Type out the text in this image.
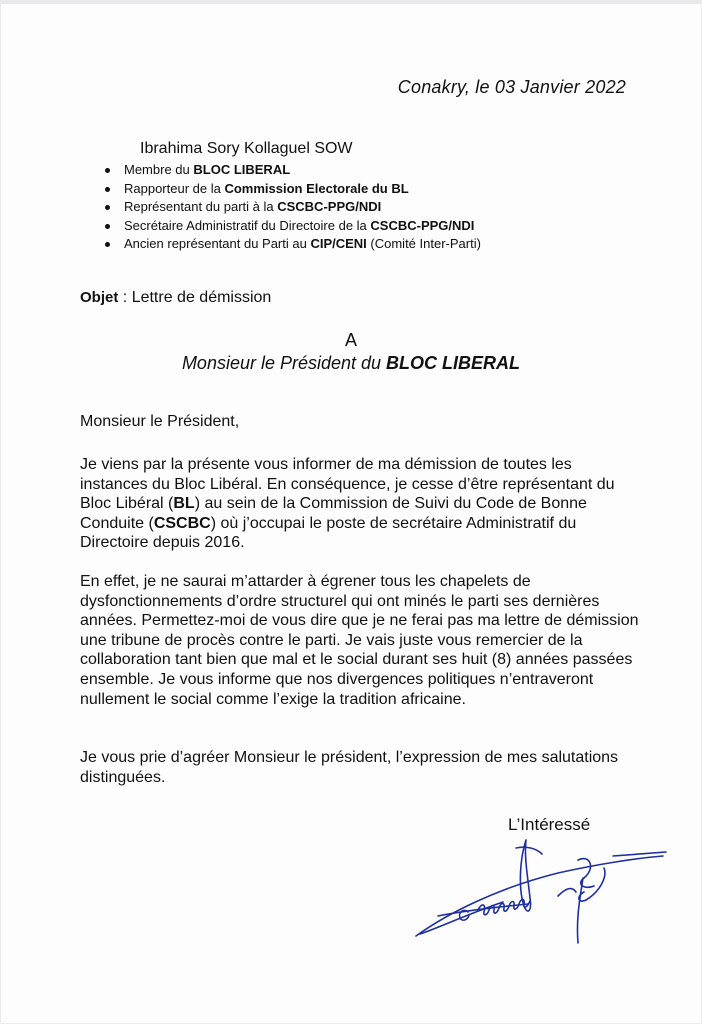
Conakry, le 03 Janvier 2022
Ibrahima Sory Kollaguel SOW
Membre du BLOC LIBERAL
Rapporteur de la Commission Electorale du BL
Représentant du parti à la CSCBC-PPG/NDI
Secrétaire Administratif du Directoire de la CSCBC-PPG/NDI
Ancien représentant du Parti au CIP/CENI (Comité Inter-Parti)
Objet : Lettre de démission
A
Monsieur le Président du BLOC LIBERAL
Monsieur le Président,

Je viens par la présente vous informer de ma démission de toutes les instances du Bloc Libéral. En conséquence, je cesse d’être représentant du Bloc Libéral (BL) au sein de la Commission de Suivi du Code de Bonne Conduite (CSCBC) où j’occupai le poste de secrétaire Administratif du Directoire depuis 2016.

En effet, je ne saurai m’attarder à égrener tous les chapelets de dysfonctionnements d’ordre structurel qui ont minés le parti ses dernières années. Permettez-moi de vous dire que je ne ferai pas ma lettre de démission une tribune de procès contre le parti. Je vais juste vous remercier de la collaboration tant bien que mal et le social durant ses huit (8) années passées ensemble. Je vous informe que nos divergences politiques n’entraveront nullement le social comme l’exige la tradition africaine.

Je vous prie d’agréer Monsieur le président, l’expression de mes salutations distinguées.

L’Intéressé
